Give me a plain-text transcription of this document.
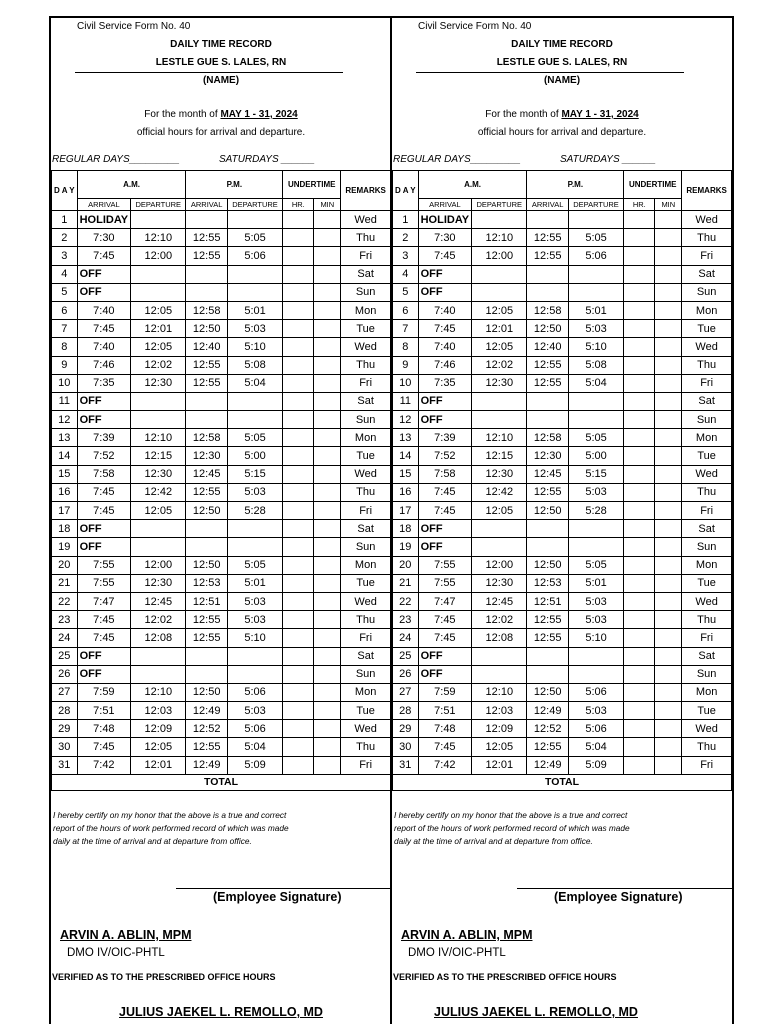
Civil Service Form No. 40
DAILY TIME RECORD
LESTLE GUE S. LALES, RN
(NAME)
For the month of MAY 1 - 31, 2024
official hours for arrival and departure.
REGULAR DAYS_________	SATURDAYS ______
D A Y	A.M.		P.M.		UNDERTIME		REMARKS
	ARRIVAL	DEPARTURE	ARRIVAL	DEPARTURE	HR.	MIN	
1	HOLIDAY						Wed
2	7:30	12:10	12:55	5:05			Thu
3	7:45	12:00	12:55	5:06			Fri
4	OFF						Sat
5	OFF						Sun
6	7:40	12:05	12:58	5:01			Mon
7	7:45	12:01	12:50	5:03			Tue
8	7:40	12:05	12:40	5:10			Wed
9	7:46	12:02	12:55	5:08			Thu
10	7:35	12:30	12:55	5:04			Fri
11	OFF						Sat
12	OFF						Sun
13	7:39	12:10	12:58	5:05			Mon
14	7:52	12:15	12:30	5:00			Tue
15	7:58	12:30	12:45	5:15			Wed
16	7:45	12:42	12:55	5:03			Thu
17	7:45	12:05	12:50	5:28			Fri
18	OFF						Sat
19	OFF						Sun
20	7:55	12:00	12:50	5:05			Mon
21	7:55	12:30	12:53	5:01			Tue
22	7:47	12:45	12:51	5:03			Wed
23	7:45	12:02	12:55	5:03			Thu
24	7:45	12:08	12:55	5:10			Fri
25	OFF						Sat
26	OFF						Sun
27	7:59	12:10	12:50	5:06			Mon
28	7:51	12:03	12:49	5:03			Tue
29	7:48	12:09	12:52	5:06			Wed
30	7:45	12:05	12:55	5:04			Thu
31	7:42	12:01	12:49	5:09			Fri
TOTAL							
I hereby certify on my honor that the above is a true and correct report of the hours of work performed record of which was made daily at the time of arrival and at departure from office.
(Employee Signature)
ARVIN A. ABLIN, MPM
DMO IV/OIC-PHTL
VERIFIED AS TO THE PRESCRIBED OFFICE HOURS
JULIUS JAEKEL L. REMOLLO, MD
Civil Service Form No. 40
DAILY TIME RECORD
LESTLE GUE S. LALES, RN
(NAME)
For the month of MAY 1 - 31, 2024
official hours for arrival and departure.
REGULAR DAYS_________	SATURDAYS ______
D A Y	A.M.		P.M.		UNDERTIME		REMARKS
	ARRIVAL	DEPARTURE	ARRIVAL	DEPARTURE	HR.	MIN	
1	HOLIDAY						Wed
2	7:30	12:10	12:55	5:05			Thu
3	7:45	12:00	12:55	5:06			Fri
4	OFF						Sat
5	OFF						Sun
6	7:40	12:05	12:58	5:01			Mon
7	7:45	12:01	12:50	5:03			Tue
8	7:40	12:05	12:40	5:10			Wed
9	7:46	12:02	12:55	5:08			Thu
10	7:35	12:30	12:55	5:04			Fri
11	OFF						Sat
12	OFF						Sun
13	7:39	12:10	12:58	5:05			Mon
14	7:52	12:15	12:30	5:00			Tue
15	7:58	12:30	12:45	5:15			Wed
16	7:45	12:42	12:55	5:03			Thu
17	7:45	12:05	12:50	5:28			Fri
18	OFF						Sat
19	OFF						Sun
20	7:55	12:00	12:50	5:05			Mon
21	7:55	12:30	12:53	5:01			Tue
22	7:47	12:45	12:51	5:03			Wed
23	7:45	12:02	12:55	5:03			Thu
24	7:45	12:08	12:55	5:10			Fri
25	OFF						Sat
26	OFF						Sun
27	7:59	12:10	12:50	5:06			Mon
28	7:51	12:03	12:49	5:03			Tue
29	7:48	12:09	12:52	5:06			Wed
30	7:45	12:05	12:55	5:04			Thu
31	7:42	12:01	12:49	5:09			Fri
TOTAL							
I hereby certify on my honor that the above is a true and correct report of the hours of work performed record of which was made daily at the time of arrival and at departure from office.
(Employee Signature)
ARVIN A. ABLIN, MPM
DMO IV/OIC-PHTL
VERIFIED AS TO THE PRESCRIBED OFFICE HOURS
JULIUS JAEKEL L. REMOLLO, MD
